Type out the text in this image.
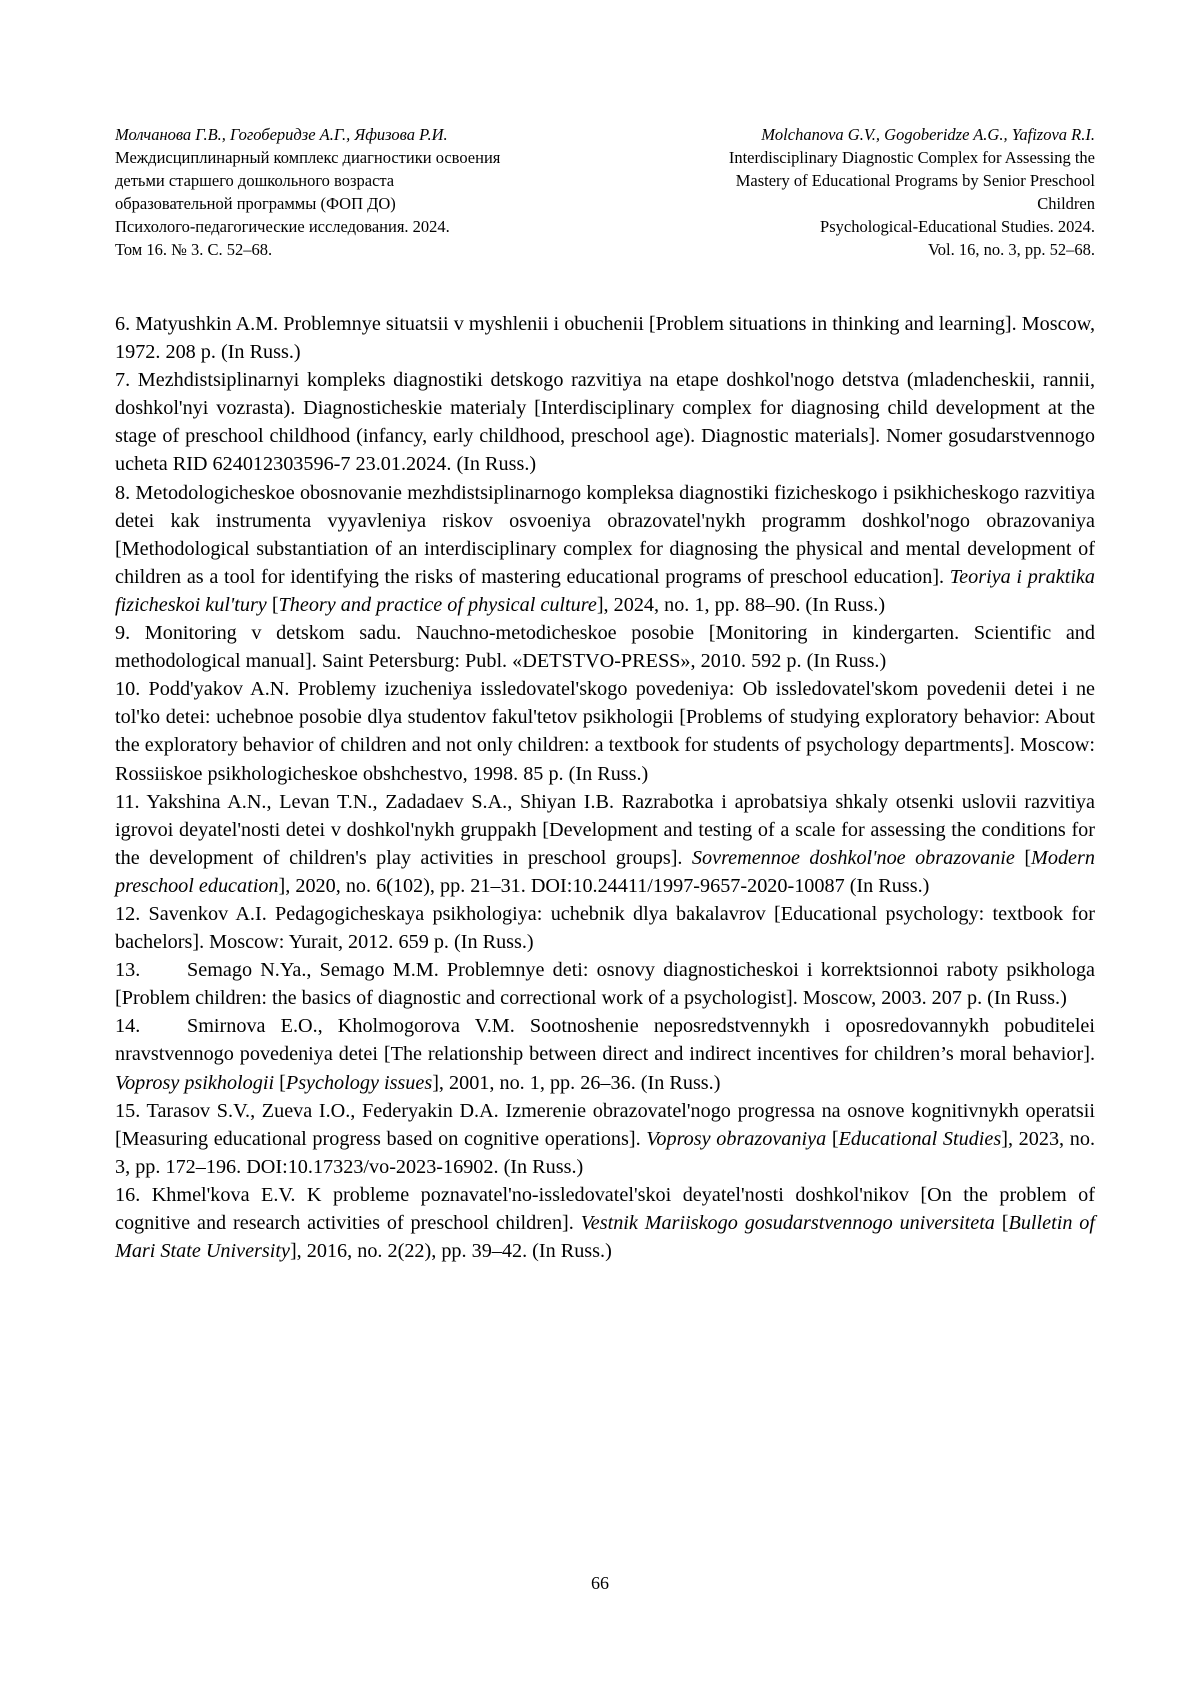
Молчанова Г.В., Гогоберидзе А.Г., Яфизова Р.И.
Междисциплинарный комплекс диагностики освоения
детьми старшего дошкольного возраста
образовательной программы (ФОП ДО)
Психолого-педагогические исследования. 2024.
Том 16. № 3. С. 52–68.
Molchanova G.V., Gogoberidze A.G., Yafizova R.I.
Interdisciplinary Diagnostic Complex for Assessing the
Mastery of Educational Programs by Senior Preschool
Children
Psychological-Educational Studies. 2024.
Vol. 16, no. 3, pp. 52–68.

6. Matyushkin A.M. Problemnye situatsii v myshlenii i obuchenii [Problem situations in thinking and learning]. Moscow, 1972. 208 p. (In Russ.)

7. Mezhdistsiplinarnyi kompleks diagnostiki detskogo razvitiya na etape doshkol'nogo detstva (mladencheskii, rannii, doshkol'nyi vozrasta). Diagnosticheskie materialy [Interdisciplinary complex for diagnosing child development at the stage of preschool childhood (infancy, early childhood, preschool age). Diagnostic materials]. Nomer gosudarstvennogo ucheta RID 624012303596-7 23.01.2024. (In Russ.)

8. Metodologicheskoe obosnovanie mezhdistsiplinarnogo kompleksa diagnostiki fizicheskogo i psikhicheskogo razvitiya detei kak instrumenta vyyavleniya riskov osvoeniya obrazovatel'nykh programm doshkol'nogo obrazovaniya [Methodological substantiation of an interdisciplinary complex for diagnosing the physical and mental development of children as a tool for identifying the risks of mastering educational programs of preschool education]. Teoriya i praktika fizicheskoi kul'tury [Theory and practice of physical culture], 2024, no. 1, pp. 88–90. (In Russ.)

9. Monitoring v detskom sadu. Nauchno-metodicheskoe posobie [Monitoring in kindergarten. Scientific and methodological manual]. Saint Petersburg: Publ. «DETSTVO-PRESS», 2010. 592 p. (In Russ.)

10. Podd'yakov A.N. Problemy izucheniya issledovatel'skogo povedeniya: Ob issledovatel'skom povedenii detei i ne tol'ko detei: uchebnoe posobie dlya studentov fakul'tetov psikhologii [Problems of studying exploratory behavior: About the exploratory behavior of children and not only children: a textbook for students of psychology departments]. Moscow: Rossiiskoe psikhologicheskoe obshchestvo, 1998. 85 p. (In Russ.)

11. Yakshina A.N., Levan T.N., Zadadaev S.A., Shiyan I.B. Razrabotka i aprobatsiya shkaly otsenki uslovii razvitiya igrovoi deyatel'nosti detei v doshkol'nykh gruppakh [Development and testing of a scale for assessing the conditions for the development of children's play activities in preschool groups]. Sovremennoe doshkol'noe obrazovanie [Modern preschool education], 2020, no. 6(102), pp. 21–31. DOI:10.24411/1997-9657-2020-10087 (In Russ.)

12. Savenkov A.I. Pedagogicheskaya psikhologiya: uchebnik dlya bakalavrov [Educational psychology: textbook for bachelors]. Moscow: Yurait, 2012. 659 p. (In Russ.)

13. Semago N.Ya., Semago M.M. Problemnye deti: osnovy diagnosticheskoi i korrektsionnoi raboty psikhologa [Problem children: the basics of diagnostic and correctional work of a psychologist]. Moscow, 2003. 207 p. (In Russ.)

14. Smirnova E.O., Kholmogorova V.M. Sootnoshenie neposredstvennykh i oposredovannykh pobuditelei nravstvennogo povedeniya detei [The relationship between direct and indirect incentives for children’s moral behavior]. Voprosy psikhologii [Psychology issues], 2001, no. 1, pp. 26–36. (In Russ.)

15. Tarasov S.V., Zueva I.O., Federyakin D.A. Izmerenie obrazovatel'nogo progressa na osnove kognitivnykh operatsii [Measuring educational progress based on cognitive operations]. Voprosy obrazovaniya [Educational Studies], 2023, no. 3, pp. 172–196. DOI:10.17323/vo-2023-16902. (In Russ.)

16. Khmel'kova E.V. K probleme poznavatel'no-issledovatel'skoi deyatel'nosti doshkol'nikov [On the problem of cognitive and research activities of preschool children]. Vestnik Mariiskogo gosudarstvennogo universiteta [Bulletin of Mari State University], 2016, no. 2(22), pp. 39–42. (In Russ.)

66
